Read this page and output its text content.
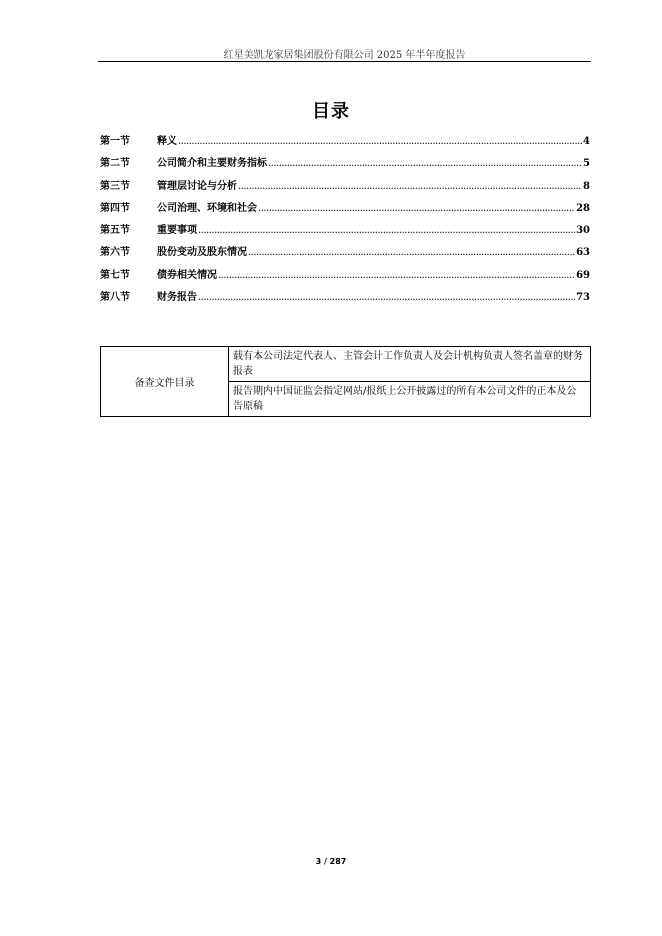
红星美凯龙家居集团股份有限公司 2025 年半年度报告
目录
第一节	释义 .....	4
第二节	公司简介和主要财务指标 .....	5
第三节	管理层讨论与分析 .....	8
第四节	公司治理、环境和社会 .....	28
第五节	重要事项 .....	30
第六节	股份变动及股东情况 .....	63
第七节	债券相关情况 .....	69
第八节	财务报告 .....	73
备查文件目录	载有本公司法定代表人、主管会计工作负责人及会计机构负责人签名盖章的财务报表
报告期内中国证监会指定网站/报纸上公开披露过的所有本公司文件的正本及公告原稿
3 / 287
